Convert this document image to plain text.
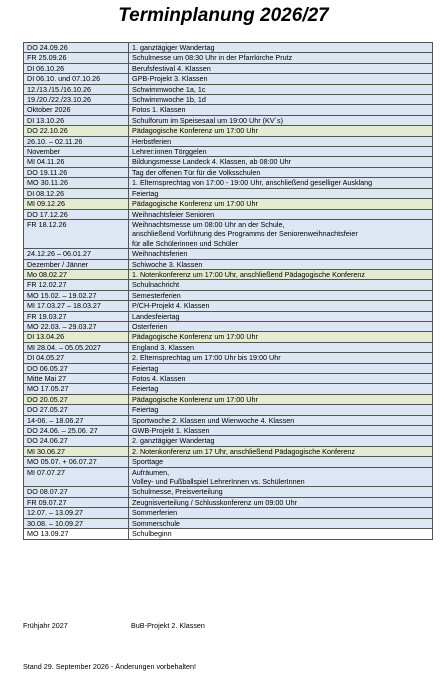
Terminplanung 2026/27
DO 24.09.26	1. ganztägiger Wandertag
FR 25.09.26	Schulmesse um 08:30 Uhr in der Pfarrkirche Prutz
DI 06.10.26	Berufsfestival 4. Klassen
DI 06.10. und 07.10.26	GPB-Projekt 3. Klassen
12./13./15./16.10.26	Schwimmwoche 1a, 1c
19./20./22./23.10.26	Schwimmwoche 1b, 1d
Oktober 2026	Fotos 1. Klassen
DI 13.10.26	Schulforum im Speisesaal um 19:00 Uhr (KV´s)
DO 22.10.26	Pädagogische Konferenz um 17:00 Uhr
26.10. – 02.11.26	Herbstferien
November	Lehrer:innen Törggelen
MI 04.11.26	Bildungsmesse Landeck 4. Klassen, ab 08:00 Uhr
DO 19.11.26	Tag der offenen Tür für die Volksschulen
MO 30.11.26	1. Elternsprechtag von 17:00 - 19:00 Uhr, anschließend geselliger Ausklang
DI 08.12.26	Feiertag
MI 09.12.26	Pädagogische Konferenz um 17:00 Uhr
DO 17.12.26	Weihnachtsfeier Senioren
FR 18.12.26	Weihnachtsmesse um 08:00 Uhr an der Schule,
anschließend Vorführung des Programms der Seniorenweihnachtsfeier
für alle Schülerinnen und Schüler

24.12.26 – 06.01.27	Weihnachtsferien
Dezember / Jänner	Schiwoche 3. Klassen
Mo 08.02.27	1. Notenkonferenz um 17:00 Uhr, anschließend Pädagogische Konferenz
FR 12.02.27	Schulnachricht
MO 15.02. – 19.02.27	Semesterferien
MI 17.03.27 – 18.03.27	P/CH-Projekt 4. Klassen
FR 19.03.27	Landesfeiertag
MO 22.03. – 29.03.27	Osterferien
DI 13.04.26	Pädagogische Konferenz um 17:00 Uhr
MI 28.04. – 05.05.2027	England 3. Klassen
DI 04.05.27	2. Elternsprechtag um 17:00 Uhr bis 19:00 Uhr
DO 06.05.27	Feiertag
Mitte Mai 27	Fotos 4. Klassen
MO 17.05.27	Feiertag
DO 20.05.27	Pädagogische Konferenz um 17:00 Uhr
DO 27.05.27	Feiertag
14-06. – 18.06.27	Sportwoche 2. Klassen und Wienwoche 4. Klassen
DO 24.06. – 25.06. 27	GWB-Projekt 1. Klassen
DO 24.06.27	2. ganztägiger Wandertag
MI 30.06.27	2. Notenkonferenz um 17 Uhr, anschließend Pädagogische Konferenz
MO 05.07. + 06.07.27	Sporttage
MI 07.07.27	Aufräumen,
Volley- und Fußballspiel LehrerInnen vs. SchülerInnen

DO 08.07.27	Schulmesse, Preisverteilung
FR 09.07.27	Zeugnisverteilung / Schlusskonferenz um 09:00 Uhr
12.07. – 13.09.27	Sommerferien
30.08. – 10.09.27	Sommerschule
MO 13.09.27	Schulbeginn
Frühjahr 2027	BuB-Projekt 2. Klassen
Stand 29. September 2026 - Änderungen vorbehalten!
